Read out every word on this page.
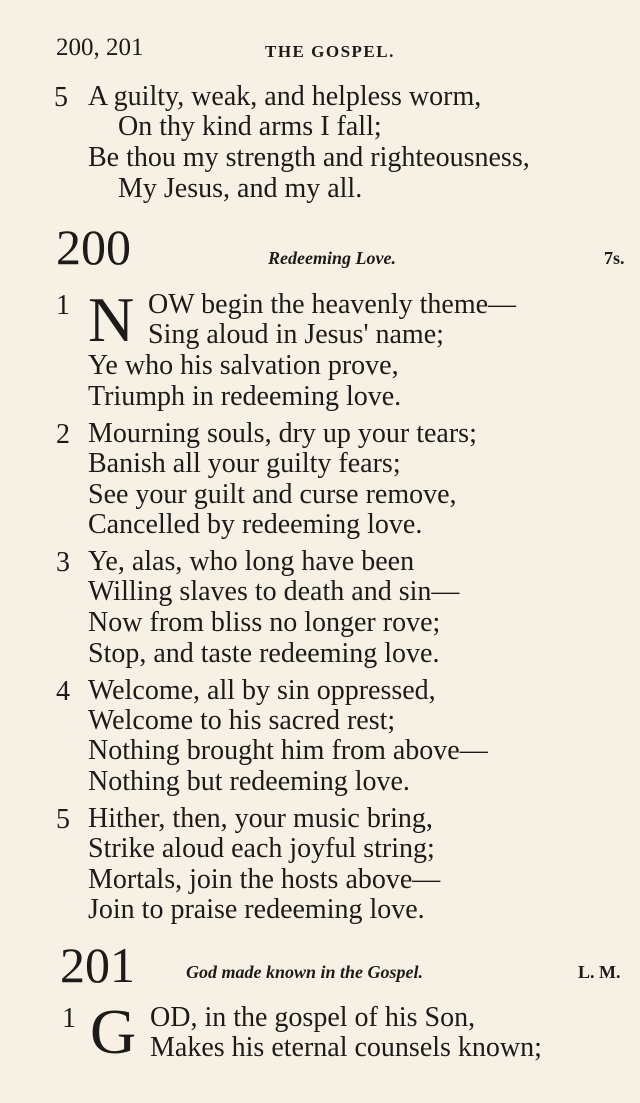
200, 201	THE GOSPEL.
5 A guilty, weak, and helpless worm,
On thy kind arms I fall;
Be thou my strength and righteousness,
My Jesus, and my all.
200	Redeeming Love.	7s.
1 N OW begin the heavenly theme—
Sing aloud in Jesus' name;
Ye who his salvation prove,
Triumph in redeeming love.
2 Mourning souls, dry up your tears;
Banish all your guilty fears;
See your guilt and curse remove,
Cancelled by redeeming love.
3 Ye, alas, who long have been
Willing slaves to death and sin—
Now from bliss no longer rove;
Stop, and taste redeeming love.
4 Welcome, all by sin oppressed,
Welcome to his sacred rest;
Nothing brought him from above—
Nothing but redeeming love.
5 Hither, then, your music bring,
Strike aloud each joyful string;
Mortals, join the hosts above—
Join to praise redeeming love.
201	God made known in the Gospel.	L. M.
1 G OD, in the gospel of his Son,
Makes his eternal counsels known;
